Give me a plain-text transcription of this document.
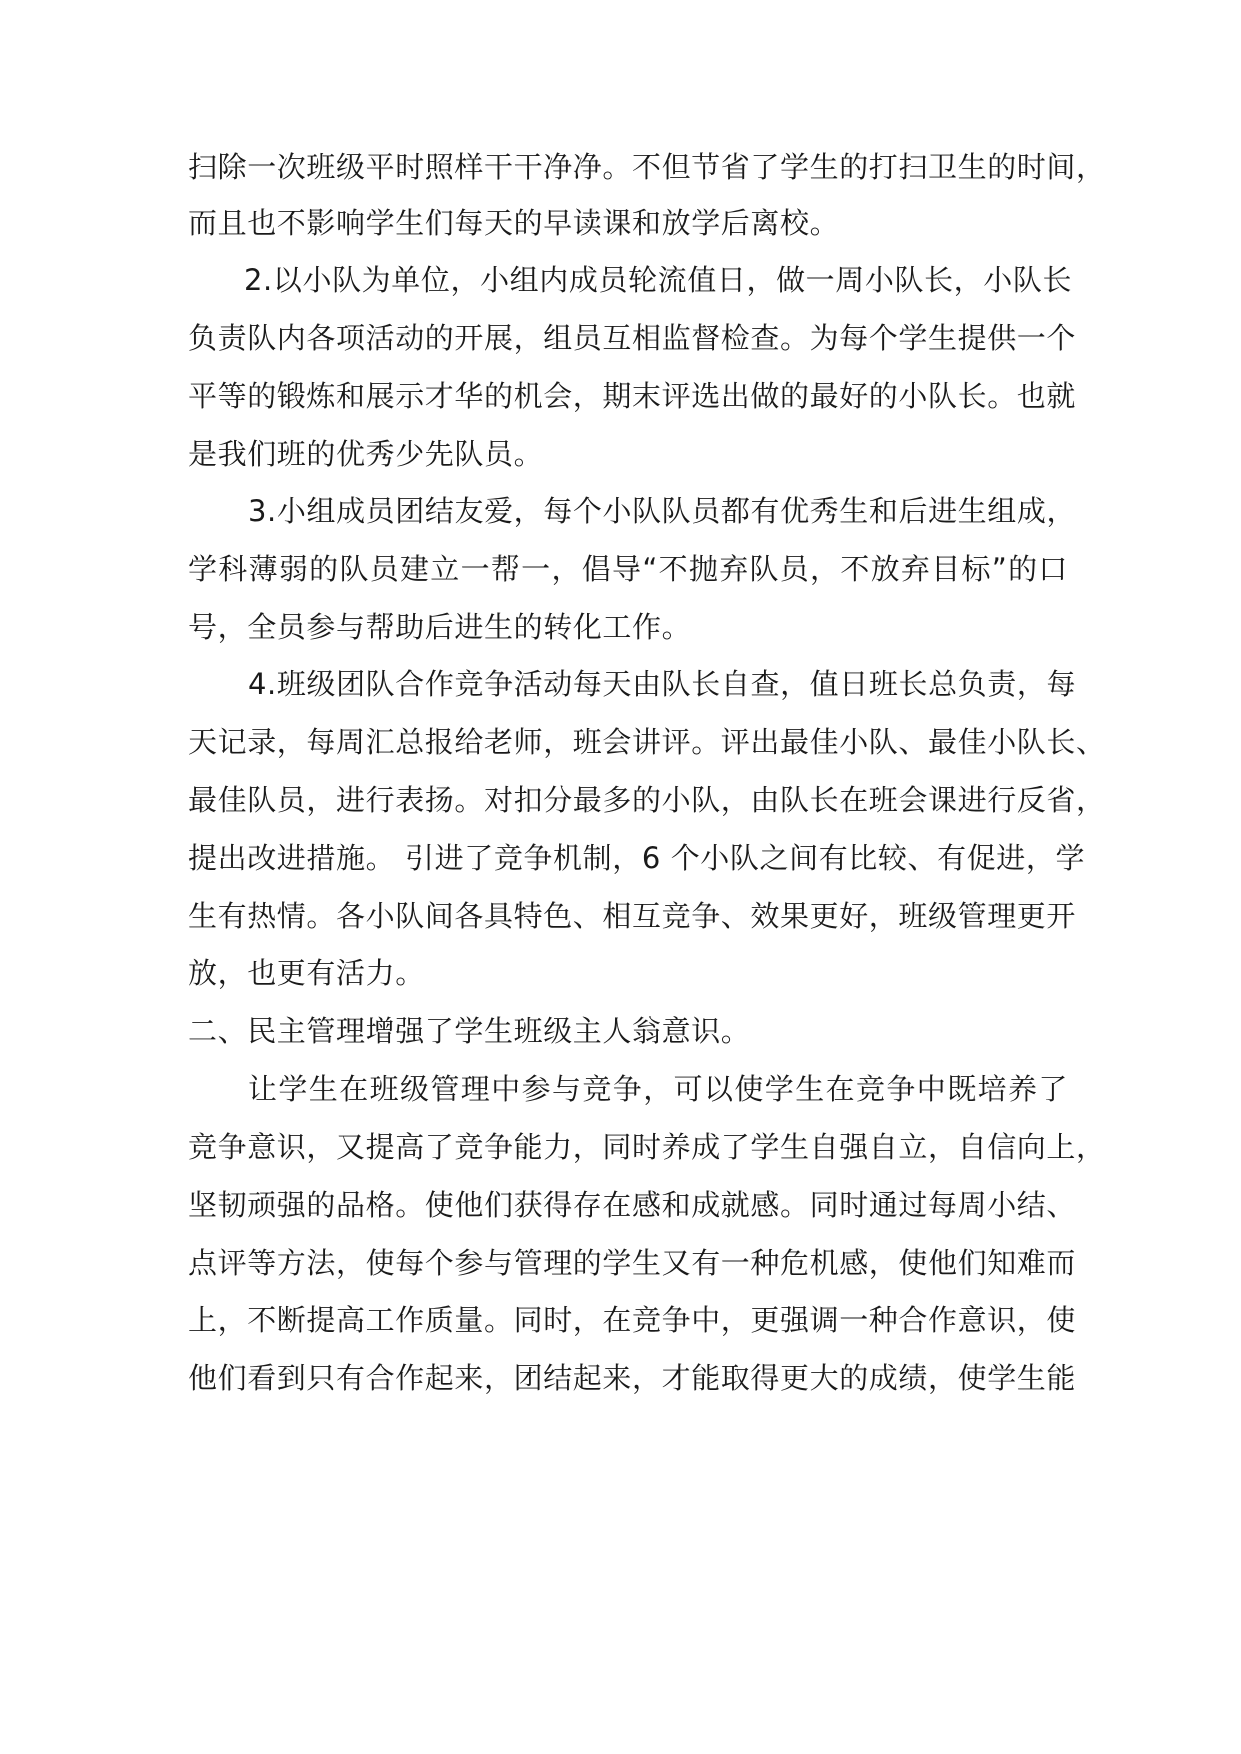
扫除一次班级平时照样干干净净。不但节省了学生的打扫卫生的时间，
而且也不影响学生们每天的早读课和放学后离校。
2.以小队为单位，小组内成员轮流值日，做一周小队长，小队长
负责队内各项活动的开展，组员互相监督检查。为每个学生提供一个
平等的锻炼和展示才华的机会，期末评选出做的最好的小队长。也就
是我们班的优秀少先队员。
3.小组成员团结友爱，每个小队队员都有优秀生和后进生组成，
学科薄弱的队员建立一帮一，倡导“不抛弃队员，不放弃目标”的口
号，全员参与帮助后进生的转化工作。
4.班级团队合作竞争活动每天由队长自查，值日班长总负责，每
天记录，每周汇总报给老师，班会讲评。评出最佳小队、最佳小队长、
最佳队员，进行表扬。对扣分最多的小队，由队长在班会课进行反省，
提出改进措施。 引进了竞争机制，6 个小队之间有比较、有促进，学
生有热情。各小队间各具特色、相互竞争、效果更好，班级管理更开
放，也更有活力。
二、民主管理增强了学生班级主人翁意识。
让学生在班级管理中参与竞争，可以使学生在竞争中既培养了
竞争意识，又提高了竞争能力，同时养成了学生自强自立，自信向上，
坚韧顽强的品格。使他们获得存在感和成就感。同时通过每周小结、
点评等方法，使每个参与管理的学生又有一种危机感，使他们知难而
上，不断提高工作质量。同时，在竞争中，更强调一种合作意识，使
他们看到只有合作起来，团结起来，才能取得更大的成绩，使学生能
